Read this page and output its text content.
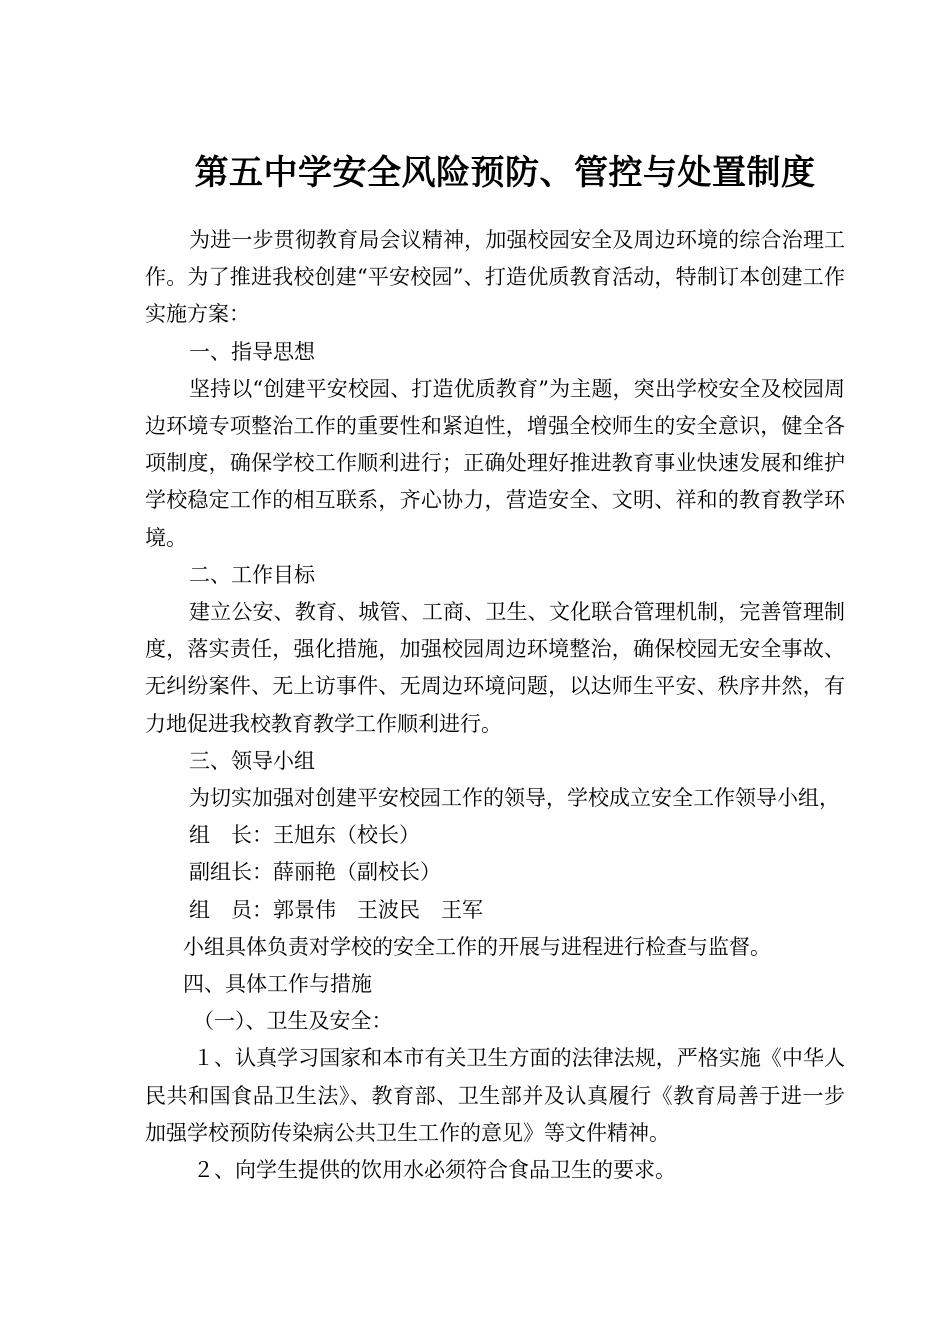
第五中学安全风险预防、管控与处置制度

为进一步贯彻教育局会议精神，加强校园安全及周边环境的综合治理工作。为了推进我校创建“平安校园”、打造优质教育活动，特制订本创建工作实施方案：

一、指导思想

坚持以“创建平安校园、打造优质教育”为主题，突出学校安全及校园周边环境专项整治工作的重要性和紧迫性，增强全校师生的安全意识，健全各项制度，确保学校工作顺利进行；正确处理好推进教育事业快速发展和维护学校稳定工作的相互联系，齐心协力，营造安全、文明、祥和的教育教学环境。

二、工作目标

建立公安、教育、城管、工商、卫生、文化联合管理机制，完善管理制度，落实责任，强化措施，加强校园周边环境整治，确保校园无安全事故、无纠纷案件、无上访事件、无周边环境问题，以达师生平安、秩序井然，有力地促进我校教育教学工作顺利进行。

三、领导小组

为切实加强对创建平安校园工作的领导，学校成立安全工作领导小组，

组　长：王旭东（校长）

副组长：薛丽艳（副校长）

组　员：郭景伟　王波民　王军

小组具体负责对学校的安全工作的开展与进程进行检查与监督。

四、具体工作与措施

（一）、卫生及安全：

１、认真学习国家和本市有关卫生方面的法律法规，严格实施《中华人民共和国食品卫生法》、教育部、卫生部并及认真履行《教育局善于进一步加强学校预防传染病公共卫生工作的意见》等文件精神。

２、向学生提供的饮用水必须符合食品卫生的要求。
